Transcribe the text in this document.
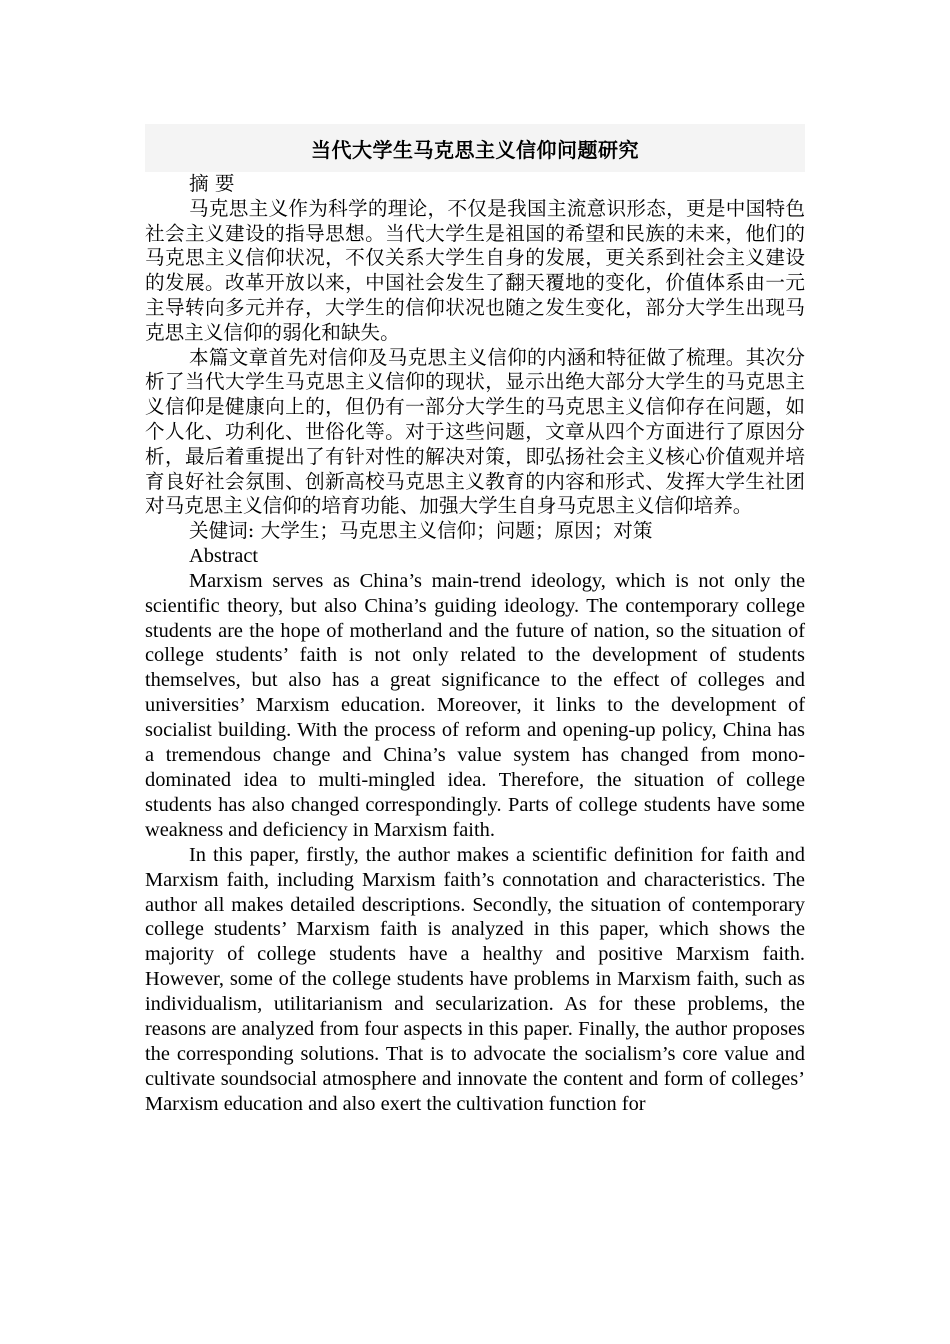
当代大学生马克思主义信仰问题研究

摘 要

马克思主义作为科学的理论，不仅是我国主流意识形态，更是中国特色社会主义建设的指导思想。当代大学生是祖国的希望和民族的未来，他们的马克思主义信仰状况，不仅关系大学生自身的发展，更关系到社会主义建设的发展。改革开放以来，中国社会发生了翻天覆地的变化，价值体系由一元主导转向多元并存，大学生的信仰状况也随之发生变化，部分大学生出现马克思主义信仰的弱化和缺失。

本篇文章首先对信仰及马克思主义信仰的内涵和特征做了梳理。其次分析了当代大学生马克思主义信仰的现状，显示出绝大部分大学生的马克思主义信仰是健康向上的，但仍有一部分大学生的马克思主义信仰存在问题，如个人化、功利化、世俗化等。对于这些问题，文章从四个方面进行了原因分析，最后着重提出了有针对性的解决对策，即弘扬社会主义核心价值观并培育良好社会氛围、创新高校马克思主义教育的内容和形式、发挥大学生社团对马克思主义信仰的培育功能、加强大学生自身马克思主义信仰培养。

关健词: 大学生；马克思主义信仰；问题；原因；对策

Abstract

Marxism serves as China’s main-trend ideology, which is not only the scientific theory, but also China’s guiding ideology. The contemporary college students are the hope of motherland and the future of nation, so the situation of college students’ faith is not only related to the development of students themselves, but also has a great significance to the effect of colleges and universities’ Marxism education. Moreover, it links to the development of socialist building. With the process of reform and opening-up policy, China has a tremendous change and China’s value system has changed from mono-dominated idea to multi-mingled idea. Therefore, the situation of college students has also changed correspondingly. Parts of college students have some weakness and deficiency in Marxism faith.

In this paper, firstly, the author makes a scientific definition for faith and Marxism faith, including Marxism faith’s connotation and characteristics. The author all makes detailed descriptions. Secondly, the situation of contemporary college students’ Marxism faith is analyzed in this paper, which shows the majority of college students have a healthy and positive Marxism faith. However, some of the college students have problems in Marxism faith, such as individualism, utilitarianism and secularization. As for these problems, the reasons are analyzed from four aspects in this paper. Finally, the author proposes the corresponding solutions. That is to advocate the socialism’s core value and cultivate soundsocial atmosphere and innovate the content and form of colleges’ Marxism education and also exert the cultivation function for
